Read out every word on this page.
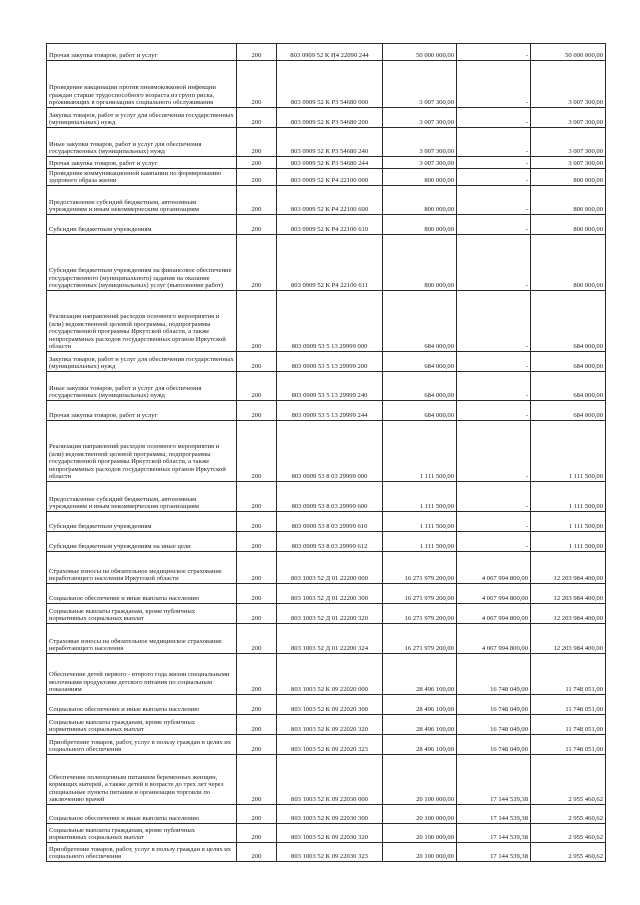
Прочая закупка товаров, работ и услуг	200	803 0909 52 К Н4 22090 244	50 000 000,00	-	50 000 000,00
Проведение вакцинации против пневмококковой инфекции граждан старше трудоспособного возраста из групп риска, проживающих в организациях социального обслуживания	200	803 0909 52 К Р3 54680 000	3 007 300,00	-	3 007 300,00
Закупка товаров, работ и услуг для обеспечения государственных (муниципальных) нужд	200	803 0909 52 К Р3 54680 200	3 007 300,00	-	3 007 300,00
Иные закупки товаров, работ и услуг для обеспечения государственных (муниципальных) нужд	200	803 0909 52 К Р3 54680 240	3 007 300,00	-	3 007 300,00
Прочая закупка товаров, работ и услуг	200	803 0909 52 К Р3 54680 244	3 007 300,00	-	3 007 300,00
Проведение коммуникационной кампании по формированию здорового образа жизни	200	803 0909 52 К Р4 22100 000	800 000,00	-	800 000,00
Предоставление субсидий бюджетным, автономным учреждениям и иным некоммерческим организациям	200	803 0909 52 К Р4 22100 600	800 000,00	-	800 000,00
Субсидии бюджетным учреждениям	200	803 0909 52 К Р4 22100 610	800 000,00	-	800 000,00
Субсидии бюджетным учреждениям на финансовое обеспечение государственного (муниципального) задания на оказание государственных (муниципальных) услуг (выполнение работ)	200	803 0909 52 К Р4 22100 611	800 000,00	-	800 000,00
Реализация направлений расходов основного мероприятия и (или) ведомственной целевой программы, подпрограммы государственной программы Иркутской области, а также непрограммных расходов государственных органов Иркутской области	200	803 0909 53 5 13 29999 000	684 000,00	-	684 000,00
Закупка товаров, работ и услуг для обеспечения государственных (муниципальных) нужд	200	803 0909 53 5 13 29999 200	684 000,00	-	684 000,00
Иные закупки товаров, работ и услуг для обеспечения государственных (муниципальных) нужд	200	803 0909 53 5 13 29999 240	684 000,00	-	684 000,00
Прочая закупка товаров, работ и услуг	200	803 0909 53 5 13 29999 244	684 000,00	-	684 000,00
Реализация направлений расходов основного мероприятия и (или) ведомственной целевой программы, подпрограммы государственной программы Иркутской области, а также непрограммных расходов государственных органов Иркутской области	200	803 0909 53 8 03 29999 000	1 111 500,00	-	1 111 500,00
Предоставление субсидий бюджетным, автономным учреждениям и иным некоммерческим организациям	200	803 0909 53 8 03 29999 600	1 111 500,00	-	1 111 500,00
Субсидии бюджетным учреждениям	200	803 0909 53 8 03 29999 610	1 111 500,00	-	1 111 500,00
Субсидии бюджетным учреждениям на иные цели	200	803 0909 53 8 03 29999 612	1 111 500,00	-	1 111 500,00
Страховые взносы на обязательное медицинское страхование неработающего населения Иркутской области	200	803 1003 52 Д 01 22200 000	16 271 979 200,00	4 067 994 800,00	12 203 984 400,00
Социальное обеспечение и иные выплаты населению	200	803 1003 52 Д 01 22200 300	16 271 979 200,00	4 067 994 800,00	12 203 984 400,00
Социальные выплаты гражданам, кроме публичных нормативных социальных выплат	200	803 1003 52 Д 01 22200 320	16 271 979 200,00	4 067 994 800,00	12 203 984 400,00
Страховые взносы на обязательное медицинское страхование неработающего населения	200	803 1003 52 Д 01 22200 324	16 271 979 200,00	4 067 994 800,00	12 203 984 400,00
Обеспечение детей первого - второго года жизни специальными молочными продуктами детского питания по социальным показаниям	200	803 1003 52 К 09 22020 000	28 496 100,00	16 748 049,00	11 748 051,00
Социальное обеспечение и иные выплаты населению	200	803 1003 52 К 09 22020 300	28 496 100,00	16 748 049,00	11 748 051,00
Социальные выплаты гражданам, кроме публичных нормативных социальных выплат	200	803 1003 52 К 09 22020 320	28 496 100,00	16 748 049,00	11 748 051,00
Приобретение товаров, работ, услуг в пользу граждан в целях их социального обеспечения	200	803 1003 52 К 09 22020 323	28 496 100,00	16 748 049,00	11 748 051,00
Обеспечение полноценным питанием беременных женщин, кормящих матерей, а также детей в возрасте до трех лет через специальные пункты питания и организации торговли по заключению врачей	200	803 1003 52 К 09 22030 000	20 100 000,00	17 144 539,38	2 955 460,62
Социальное обеспечение и иные выплаты населению	200	803 1003 52 К 09 22030 300	20 100 000,00	17 144 539,38	2 955 460,62
Социальные выплаты гражданам, кроме публичных нормативных социальных выплат	200	803 1003 52 К 09 22030 320	20 100 000,00	17 144 539,38	2 955 460,62
Приобретение товаров, работ, услуг в пользу граждан в целях их социального обеспечения	200	803 1003 52 К 09 22030 323	20 100 000,00	17 144 539,38	2 955 460,62
